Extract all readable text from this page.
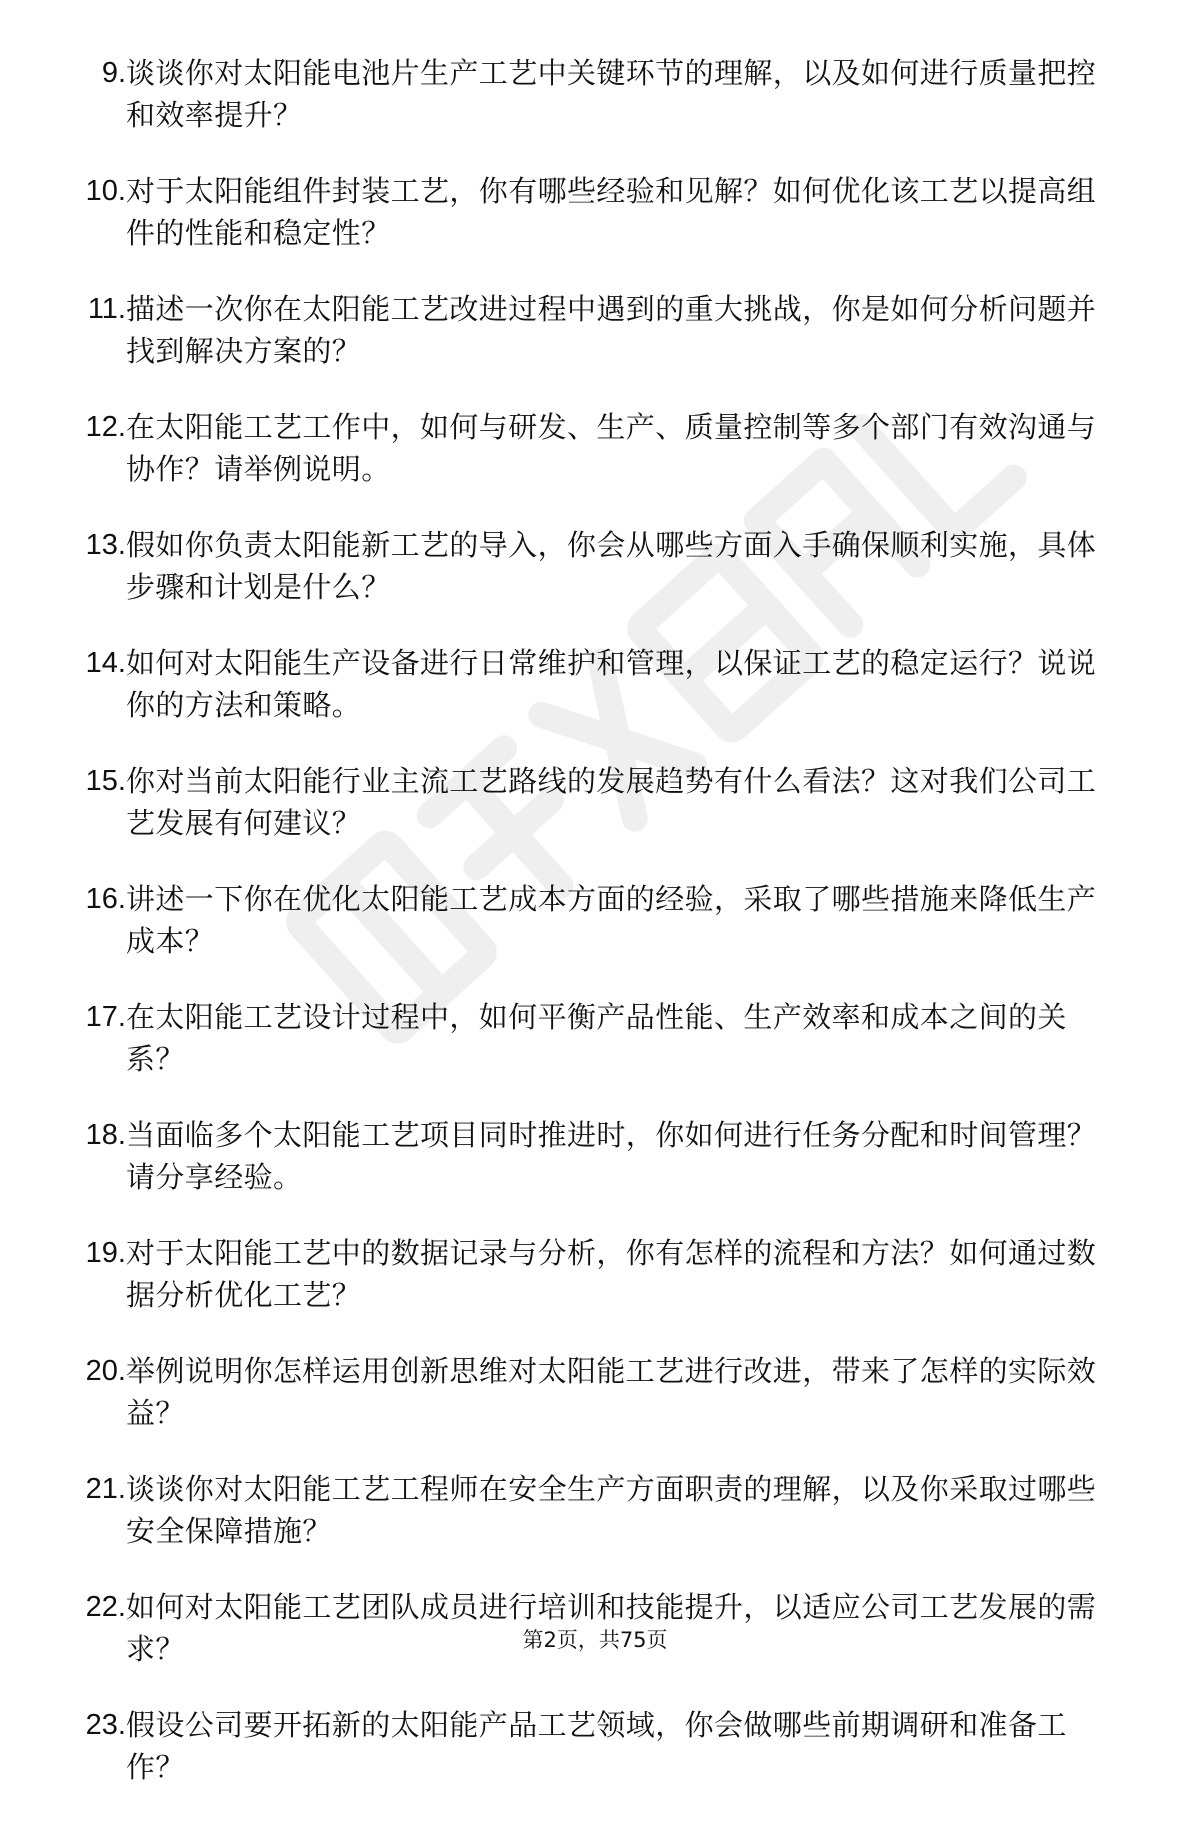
9. 谈谈你对太阳能电池片生产工艺中关键环节的理解，以及如何进行质量把控和效率提升？
10. 对于太阳能组件封装工艺，你有哪些经验和见解？如何优化该工艺以提高组件的性能和稳定性？
11. 描述一次你在太阳能工艺改进过程中遇到的重大挑战，你是如何分析问题并找到解决方案的？
12. 在太阳能工艺工作中，如何与研发、生产、质量控制等多个部门有效沟通与协作？请举例说明。
13. 假如你负责太阳能新工艺的导入，你会从哪些方面入手确保顺利实施，具体步骤和计划是什么？
14. 如何对太阳能生产设备进行日常维护和管理，以保证工艺的稳定运行？说说你的方法和策略。
15. 你对当前太阳能行业主流工艺路线的发展趋势有什么看法？这对我们公司工艺发展有何建议？
16. 讲述一下你在优化太阳能工艺成本方面的经验，采取了哪些措施来降低生产成本？
17. 在太阳能工艺设计过程中，如何平衡产品性能、生产效率和成本之间的关系？
18. 当面临多个太阳能工艺项目同时推进时，你如何进行任务分配和时间管理？请分享经验。
19. 对于太阳能工艺中的数据记录与分析，你有怎样的流程和方法？如何通过数据分析优化工艺？
20. 举例说明你怎样运用创新思维对太阳能工艺进行改进，带来了怎样的实际效益？
21. 谈谈你对太阳能工艺工程师在安全生产方面职责的理解，以及你采取过哪些安全保障措施？
22. 如何对太阳能工艺团队成员进行培训和技能提升，以适应公司工艺发展的需求？
23. 假设公司要开拓新的太阳能产品工艺领域，你会做哪些前期调研和准备工作？
第2页，共75页
